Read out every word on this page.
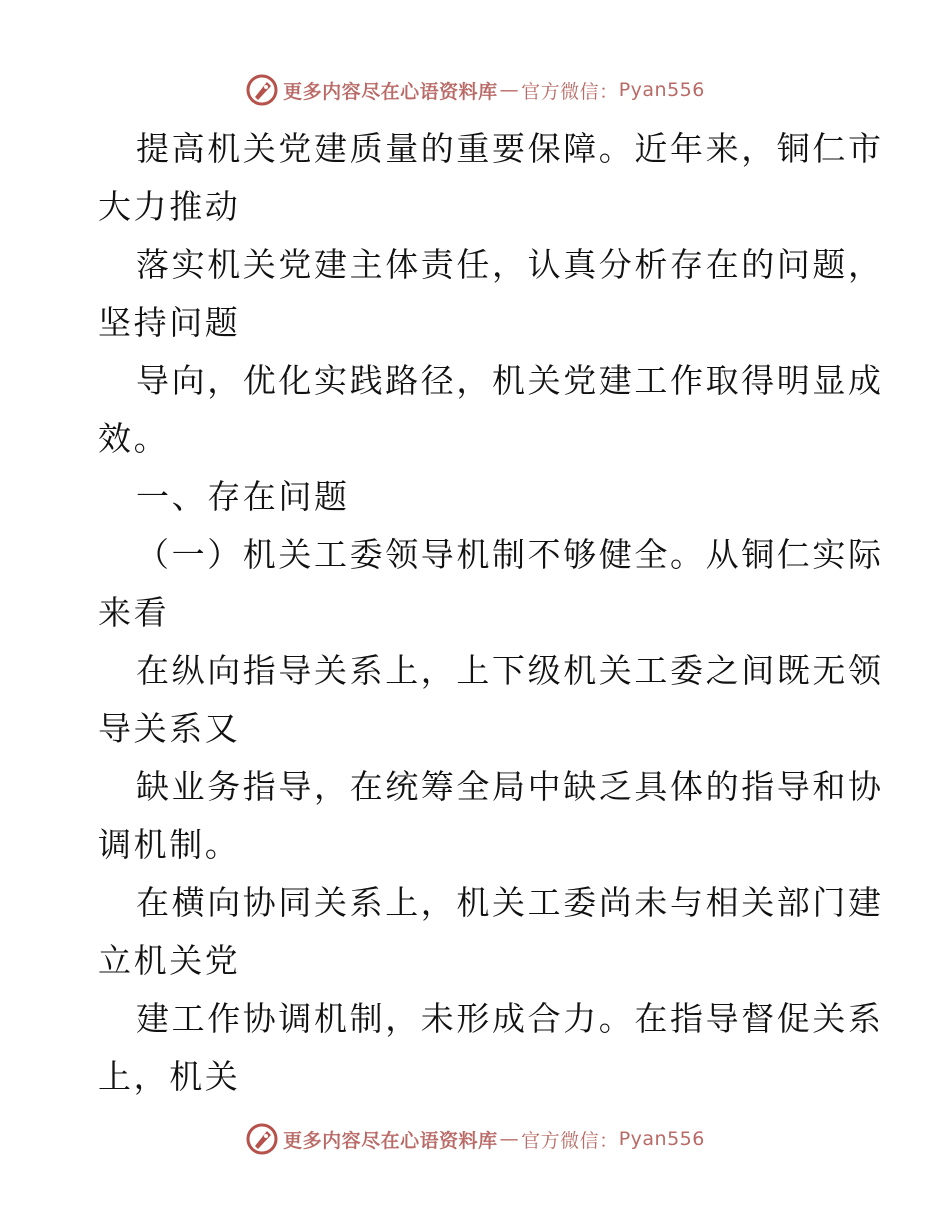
更多内容尽在心语资料库 — 官方微信： Pyan556
提高机关党建质量的重要保障。近年来，铜仁市
大力推动
落实机关党建主体责任，认真分析存在的问题，
坚持问题
导向，优化实践路径，机关党建工作取得明显成
效。
一、存在问题
（一）机关工委领导机制不够健全。从铜仁实际
来看
在纵向指导关系上，上下级机关工委之间既无领
导关系又
缺业务指导，在统筹全局中缺乏具体的指导和协
调机制。
在横向协同关系上，机关工委尚未与相关部门建
立机关党
建工作协调机制，未形成合力。在指导督促关系
上，机关
更多内容尽在心语资料库 — 官方微信： Pyan556
